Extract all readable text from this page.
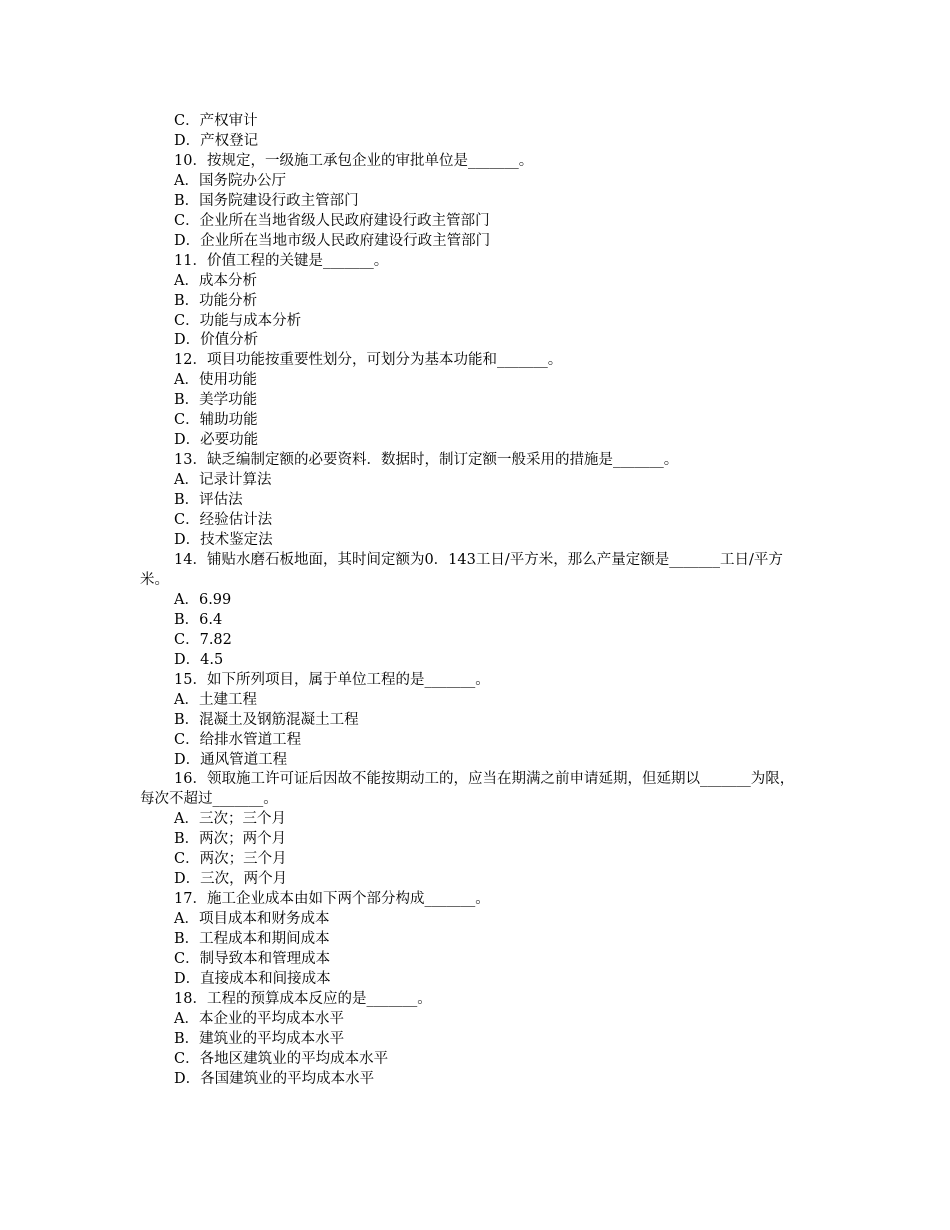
C．产权审计

D．产权登记

10．按规定，一级施工承包企业的审批单位是_______。

A．国务院办公厅

B．国务院建设行政主管部门

C．企业所在当地省级人民政府建设行政主管部门

D．企业所在当地市级人民政府建设行政主管部门

11．价值工程的关键是_______。

A．成本分析

B．功能分析

C．功能与成本分析

D．价值分析

12．项目功能按重要性划分，可划分为基本功能和_______。

A．使用功能

B．美学功能

C．辅助功能

D．必要功能

13．缺乏编制定额的必要资料．数据时，制订定额一般采用的措施是_______。

A．记录计算法

B．评估法

C．经验估计法

D．技术鉴定法

14．铺贴水磨石板地面，其时间定额为0．143工日/平方米，那么产量定额是_______工日/平方米。

A．6.99

B．6.4

C．7.82

D．4.5

15．如下所列项目，属于单位工程的是_______。

A．土建工程

B．混凝土及钢筋混凝土工程

C．给排水管道工程

D．通风管道工程

16．领取施工许可证后因故不能按期动工的，应当在期满之前申请延期，但延期以_______为限，每次不超过_______。

A．三次；三个月

B．两次；两个月

C．两次；三个月

D．三次，两个月

17．施工企业成本由如下两个部分构成_______。

A．项目成本和财务成本

B．工程成本和期间成本

C．制导致本和管理成本

D．直接成本和间接成本

18．工程的预算成本反应的是_______。

A．本企业的平均成本水平

B．建筑业的平均成本水平

C．各地区建筑业的平均成本水平

D．各国建筑业的平均成本水平
